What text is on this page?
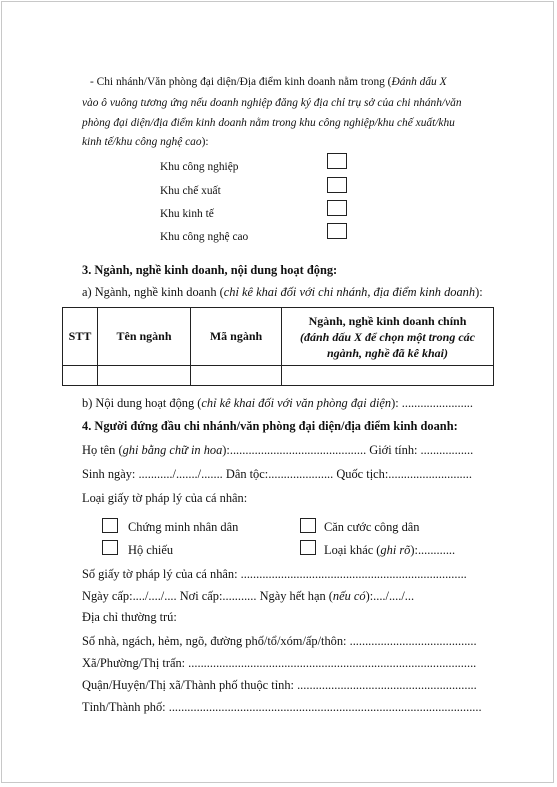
- Chi nhánh/Văn phòng đại diện/Địa điểm kinh doanh nằm trong (Đánh dấu X
vào ô vuông tương ứng nếu doanh nghiệp đăng ký địa chỉ trụ sở của chi nhánh/văn
phòng đại diện/địa điểm kinh doanh nằm trong khu công nghiệp/khu chế xuất/khu
kinh tế/khu công nghệ cao):
Khu công nghiệp
Khu chế xuất
Khu kinh tế
Khu công nghệ cao
3. Ngành, nghề kinh doanh, nội dung hoạt động:
a) Ngành, nghề kinh doanh (chỉ kê khai đối với chi nhánh, địa điểm kinh doanh):
STT	Tên ngành	Mã ngành	Ngành, nghề kinh doanh chính
(đánh dấu X để chọn một trong các
ngành, nghề đã kê khai)

b) Nội dung hoạt động (chỉ kê khai đối với văn phòng đại diện): .......................
4. Người đứng đầu chi nhánh/văn phòng đại diện/địa điểm kinh doanh:
Họ tên (ghi bằng chữ in hoa):............................................ Giới tính: .................
Sinh ngày: .........../......./....... Dân tộc:..................... Quốc tịch:...........................
Loại giấy tờ pháp lý của cá nhân:
Chứng minh nhân dân	Căn cước công dân
Hộ chiếu	Loại khác (ghi rõ):............
Số giấy tờ pháp lý của cá nhân: .........................................................................
Ngày cấp:..../..../.... Nơi cấp:........... Ngày hết hạn (nếu có):..../..../...
Địa chỉ thường trú:
Số nhà, ngách, hẻm, ngõ, đường phố/tổ/xóm/ấp/thôn: .........................................
Xã/Phường/Thị trấn: .............................................................................................
Quận/Huyện/Thị xã/Thành phố thuộc tỉnh: ..........................................................
Tỉnh/Thành phố: .....................................................................................................
